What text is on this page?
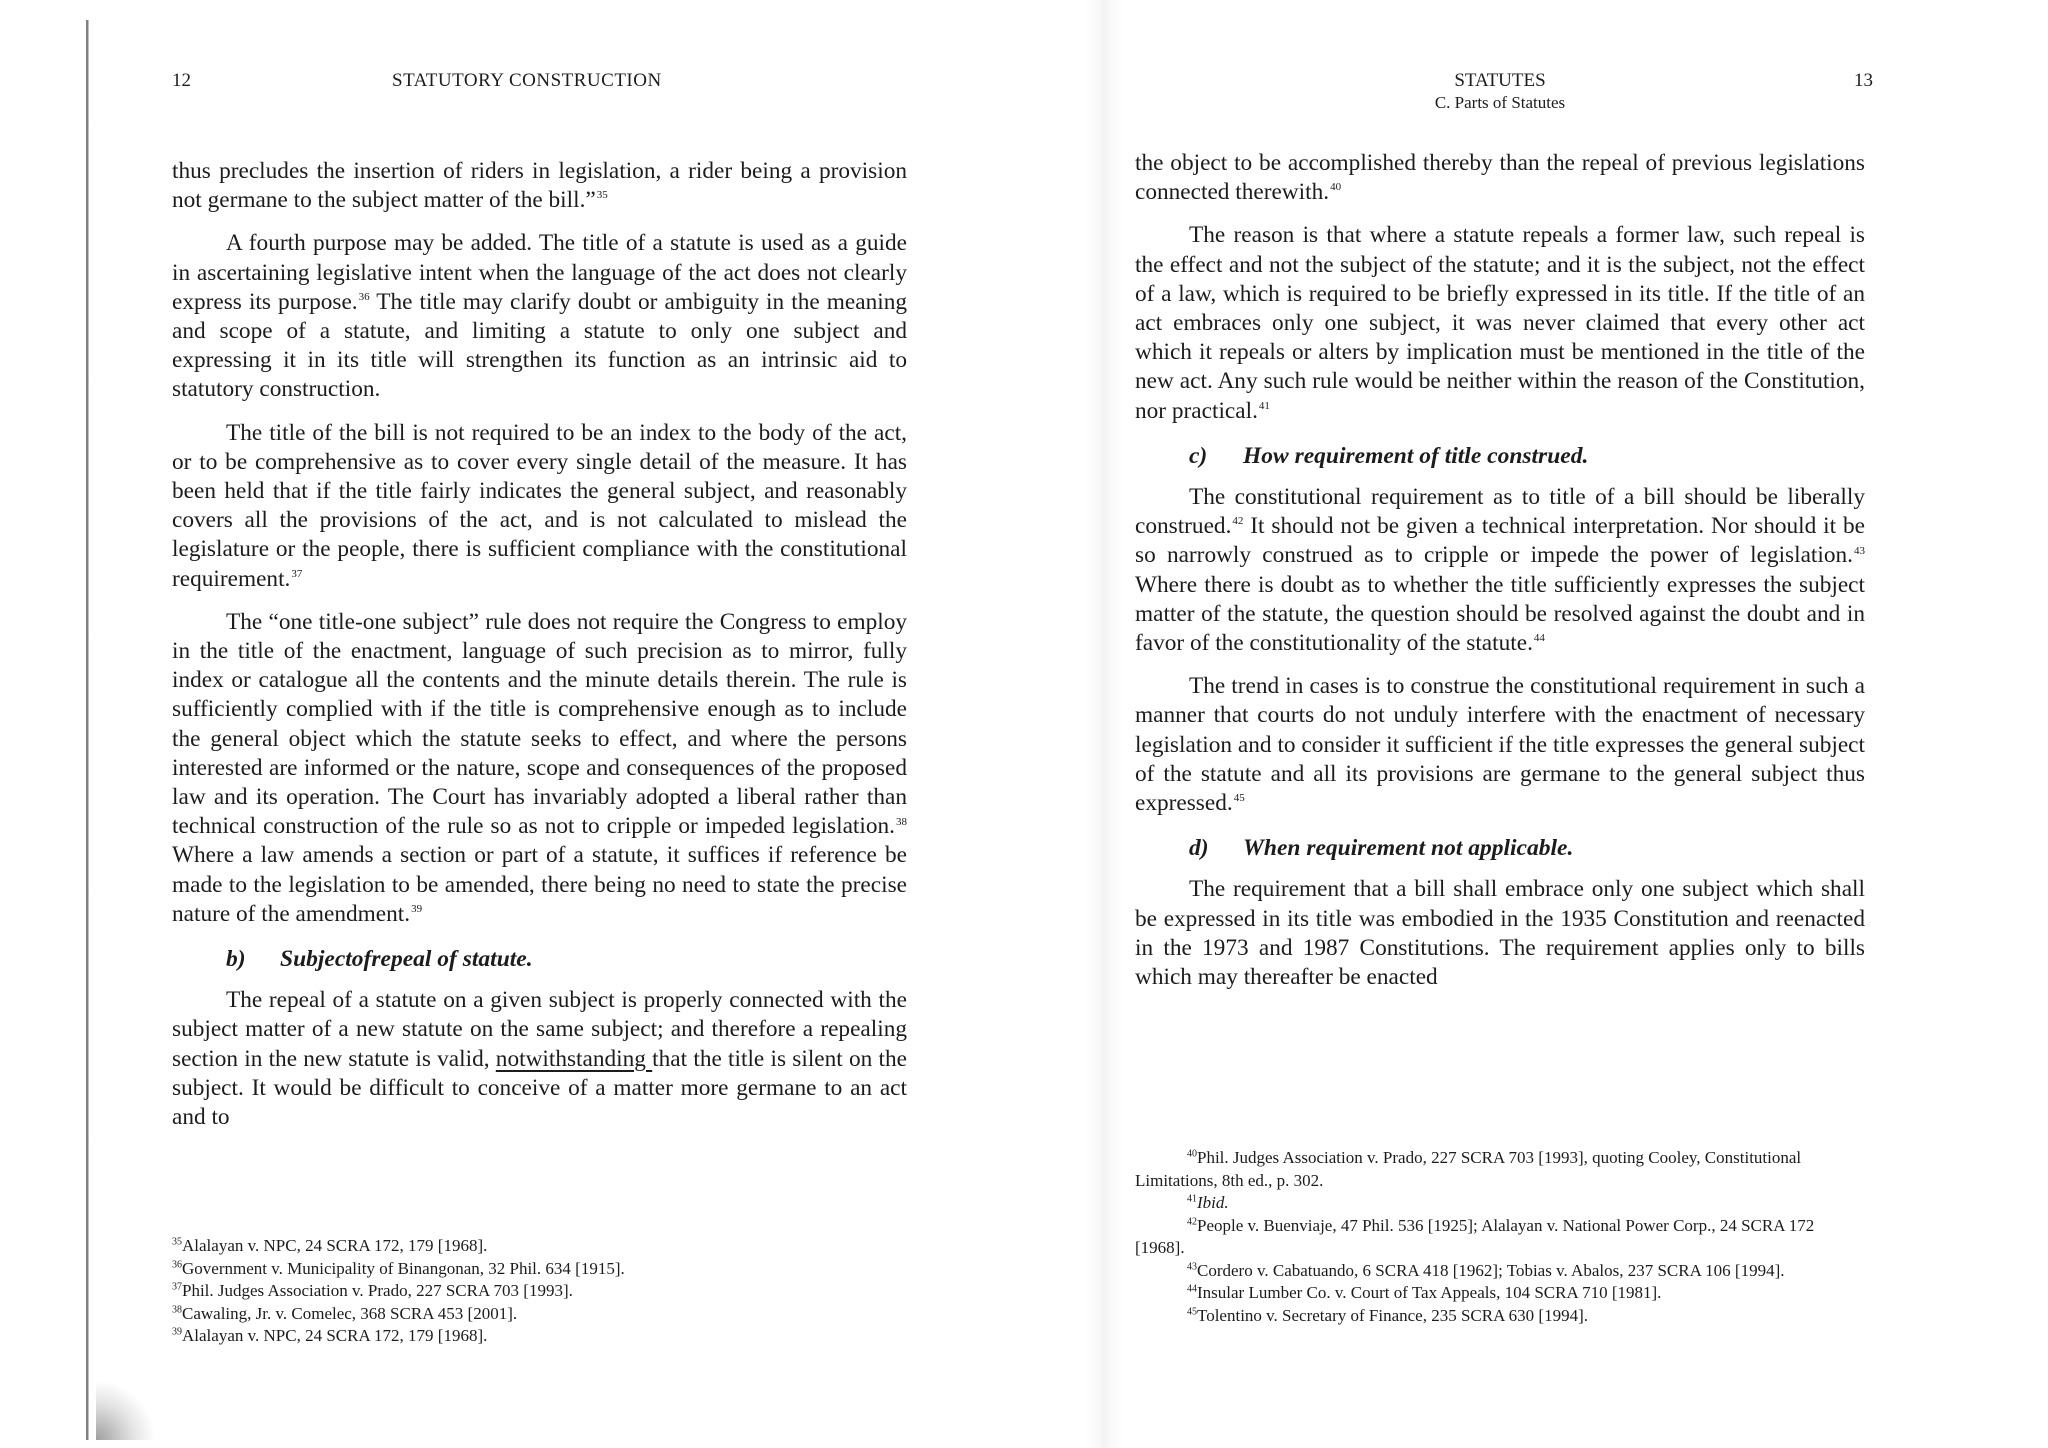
12	STATUTORY CONSTRUCTION

thus precludes the insertion of riders in legislation, a rider being a provision not germane to the subject matter of the bill.”$^{35}$

A fourth purpose may be added. The title of a statute is used as a guide in ascertaining legislative intent when the language of the act does not clearly express its purpose.$^{36}$ The title may clarify doubt or ambiguity in the meaning and scope of a statute, and limiting a statute to only one subject and expressing it in its title will strengthen its function as an intrinsic aid to statutory construction.

The title of the bill is not required to be an index to the body of the act, or to be comprehensive as to cover every single detail of the measure. It has been held that if the title fairly indicates the general subject, and reasonably covers all the provisions of the act, and is not calculated to mislead the legislature or the people, there is sufficient compliance with the constitutional requirement.$^{37}$

The “one title-one subject” rule does not require the Congress to employ in the title of the enactment, language of such precision as to mirror, fully index or catalogue all the contents and the minute details therein. The rule is sufficiently complied with if the title is comprehensive enough as to include the general object which the statute seeks to effect, and where the persons interested are informed or the nature, scope and consequences of the proposed law and its operation. The Court has invariably adopted a liberal rather than technical construction of the rule so as not to cripple or impeded legislation.$^{38}$ Where a law amends a section or part of a statute, it suffices if reference be made to the legislation to be amended, there being no need to state the precise nature of the amendment.$^{39}$

b) Subjectofrepeal of statute.

The repeal of a statute on a given subject is properly connected with the subject matter of a new statute on the same subject; and therefore a repealing section in the new statute is valid, notwithstanding that the title is silent on the subject. It would be difficult to conceive of a matter more germane to an act and to

$^{35}$Alalayan v. NPC, 24 SCRA 172, 179 [1968].

$^{36}$Government v. Municipality of Binangonan, 32 Phil. 634 [1915].

$^{37}$Phil. Judges Association v. Prado, 227 SCRA 703 [1993].

$^{38}$Cawaling, Jr. v. Comelec, 368 SCRA 453 [2001].

$^{39}$Alalayan v. NPC, 24 SCRA 172, 179 [1968].

STATUTES
C. Parts of Statutes
13

the object to be accomplished thereby than the repeal of previous legislations connected therewith.$^{40}$

The reason is that where a statute repeals a former law, such repeal is the effect and not the subject of the statute; and it is the subject, not the effect of a law, which is required to be briefly expressed in its title. If the title of an act embraces only one subject, it was never claimed that every other act which it repeals or alters by implication must be mentioned in the title of the new act. Any such rule would be neither within the reason of the Constitution, nor practical.$^{41}$

c) How requirement of title construed.

The constitutional requirement as to title of a bill should be liberally construed.$^{42}$ It should not be given a technical interpretation. Nor should it be so narrowly construed as to cripple or impede the power of legislation.$^{43}$ Where there is doubt as to whether the title sufficiently expresses the subject matter of the statute, the question should be resolved against the doubt and in favor of the constitutionality of the statute.$^{44}$

The trend in cases is to construe the constitutional requirement in such a manner that courts do not unduly interfere with the enactment of necessary legislation and to consider it sufficient if the title expresses the general subject of the statute and all its provisions are germane to the general subject thus expressed.$^{45}$

d) When requirement not applicable.

The requirement that a bill shall embrace only one subject which shall be expressed in its title was embodied in the 1935 Constitution and reenacted in the 1973 and 1987 Constitutions. The requirement applies only to bills which may thereafter be enacted

$^{40}$Phil. Judges Association v. Prado, 227 SCRA 703 [1993], quoting Cooley, Constitutional Limitations, 8th ed., p. 302.

$^{41}$Ibid.

$^{42}$People v. Buenviaje, 47 Phil. 536 [1925]; Alalayan v. National Power Corp., 24 SCRA 172 [1968].

$^{43}$Cordero v. Cabatuando, 6 SCRA 418 [1962]; Tobias v. Abalos, 237 SCRA 106 [1994].

$^{44}$Insular Lumber Co. v. Court of Tax Appeals, 104 SCRA 710 [1981].

$^{45}$Tolentino v. Secretary of Finance, 235 SCRA 630 [1994].
